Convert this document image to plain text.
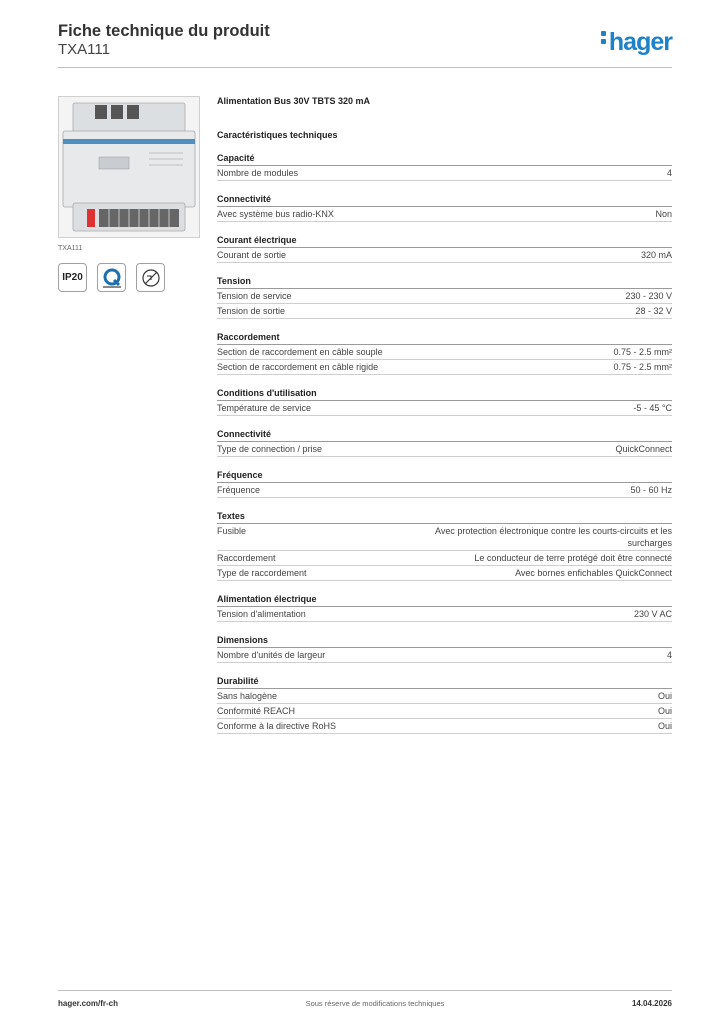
Fiche technique du produit
TXA111	hager
TXA111
IP20
Alimentation Bus 30V TBTS 320 mA
Caractéristiques techniques
Capacité
Nombre de modules	4
Connectivité
Avec système bus radio-KNX	Non
Courant électrique
Courant de sortie	320 mA
Tension
Tension de service	230 - 230 V
Tension de sortie	28 - 32 V
Raccordement
Section de raccordement en câble souple	0.75 - 2.5 mm²
Section de raccordement en câble rigide	0.75 - 2.5 mm²
Conditions d'utilisation
Température de service	-5 - 45 °C
Connectivité
Type de connection / prise	QuickConnect
Fréquence
Fréquence	50 - 60 Hz
Textes
Fusible	Avec protection électronique contre les courts-circuits et les surcharges
Raccordement	Le conducteur de terre protégé doit être connecté
Type de raccordement	Avec bornes enfichables QuickConnect
Alimentation électrique
Tension d'alimentation	230 V AC
Dimensions
Nombre d'unités de largeur	4
Durabilité
Sans halogène	Oui
Conformité REACH	Oui
Conforme à la directive RoHS	Oui
hager.com/fr-ch	Sous réserve de modifications techniques	14.04.2026
